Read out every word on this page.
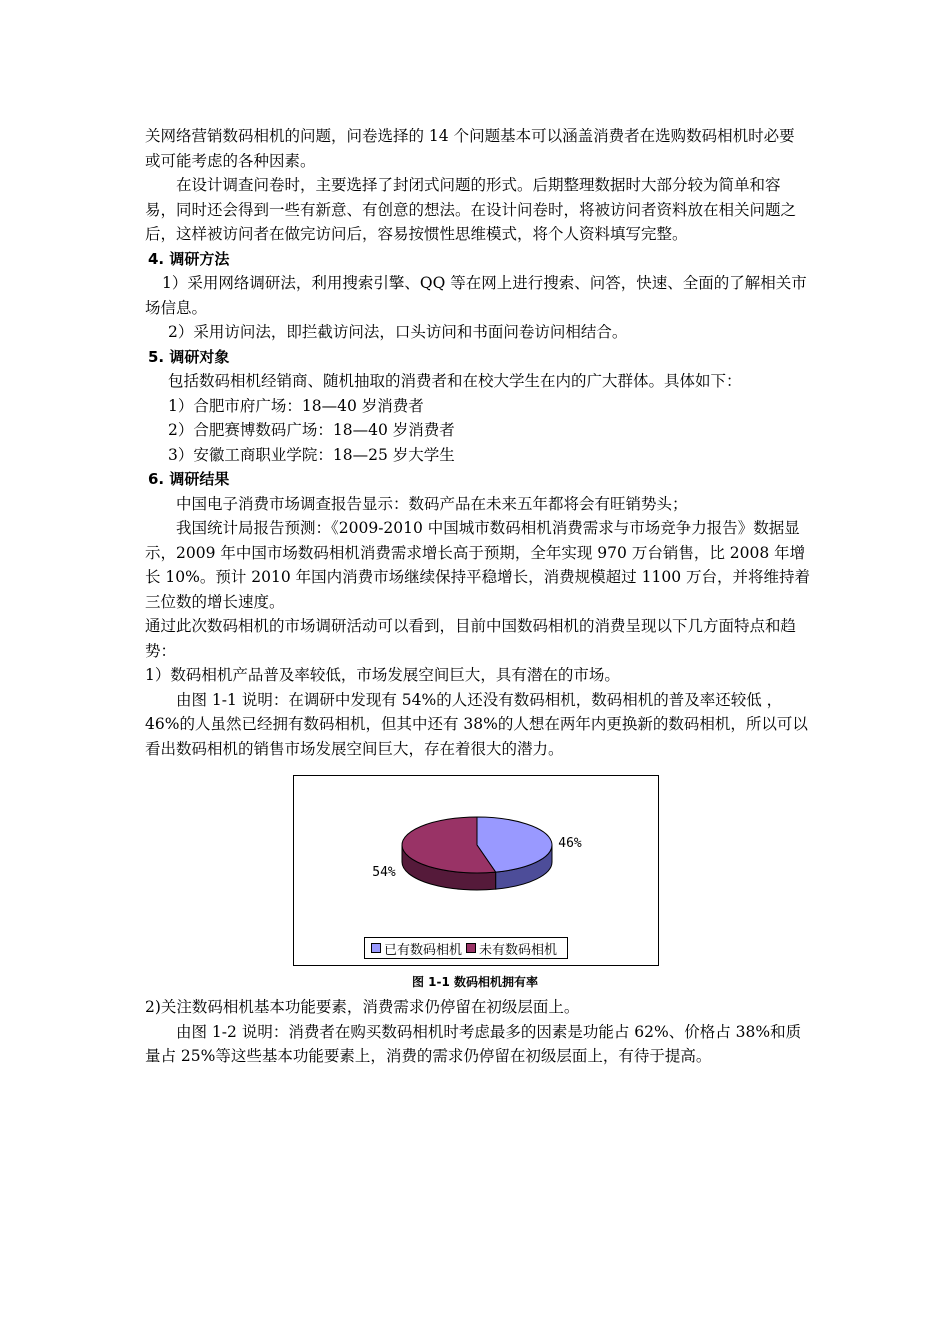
关网络营销数码相机的问题，问卷选择的 14 个问题基本可以涵盖消费者在选购数码相机时必要或可能考虑的各种因素。

在设计调查问卷时，主要选择了封闭式问题的形式。后期整理数据时大部分较为简单和容易，同时还会得到一些有新意、有创意的想法。在设计问卷时，将被访问者资料放在相关问题之后，这样被访问者在做完访问后，容易按惯性思维模式，将个人资料填写完整。

4. 调研方法

1）采用网络调研法，利用搜索引擎、QQ 等在网上进行搜索、问答，快速、全面的了解相关市场信息。

2）采用访问法，即拦截访问法，口头访问和书面问卷访问相结合。

5. 调研对象

包括数码相机经销商、随机抽取的消费者和在校大学生在内的广大群体。具体如下：

1）合肥市府广场：18—40 岁消费者

2）合肥赛博数码广场：18—40 岁消费者

3）安徽工商职业学院：18—25 岁大学生

6. 调研结果

中国电子消费市场调查报告显示：数码产品在未来五年都将会有旺销势头；

我国统计局报告预测：《2009-2010 中国城市数码相机消费需求与市场竞争力报告》数据显示，2009 年中国市场数码相机消费需求增长高于预期，全年实现 970 万台销售，比 2008 年增长 10%。预计 2010 年国内消费市场继续保持平稳增长，消费规模超过 1100 万台，并将维持着三位数的增长速度。

通过此次数码相机的市场调研活动可以看到，目前中国数码相机的消费呈现以下几方面特点和趋势：

1）数码相机产品普及率较低，市场发展空间巨大，具有潜在的市场。

由图 1-1 说明：在调研中发现有 54%的人还没有数码相机，数码相机的普及率还较低 ，46%的人虽然已经拥有数码相机，但其中还有 38%的人想在两年内更换新的数码相机，所以可以看出数码相机的销售市场发展空间巨大，存在着很大的潜力。

46%
54%
已有数码相机 未有数码相机
图 1-1 数码相机拥有率

2)关注数码相机基本功能要素，消费需求仍停留在初级层面上。

由图 1-2 说明：消费者在购买数码相机时考虑最多的因素是功能占 62%、价格占 38%和质量占 25%等这些基本功能要素上，消费的需求仍停留在初级层面上，有待于提高。
